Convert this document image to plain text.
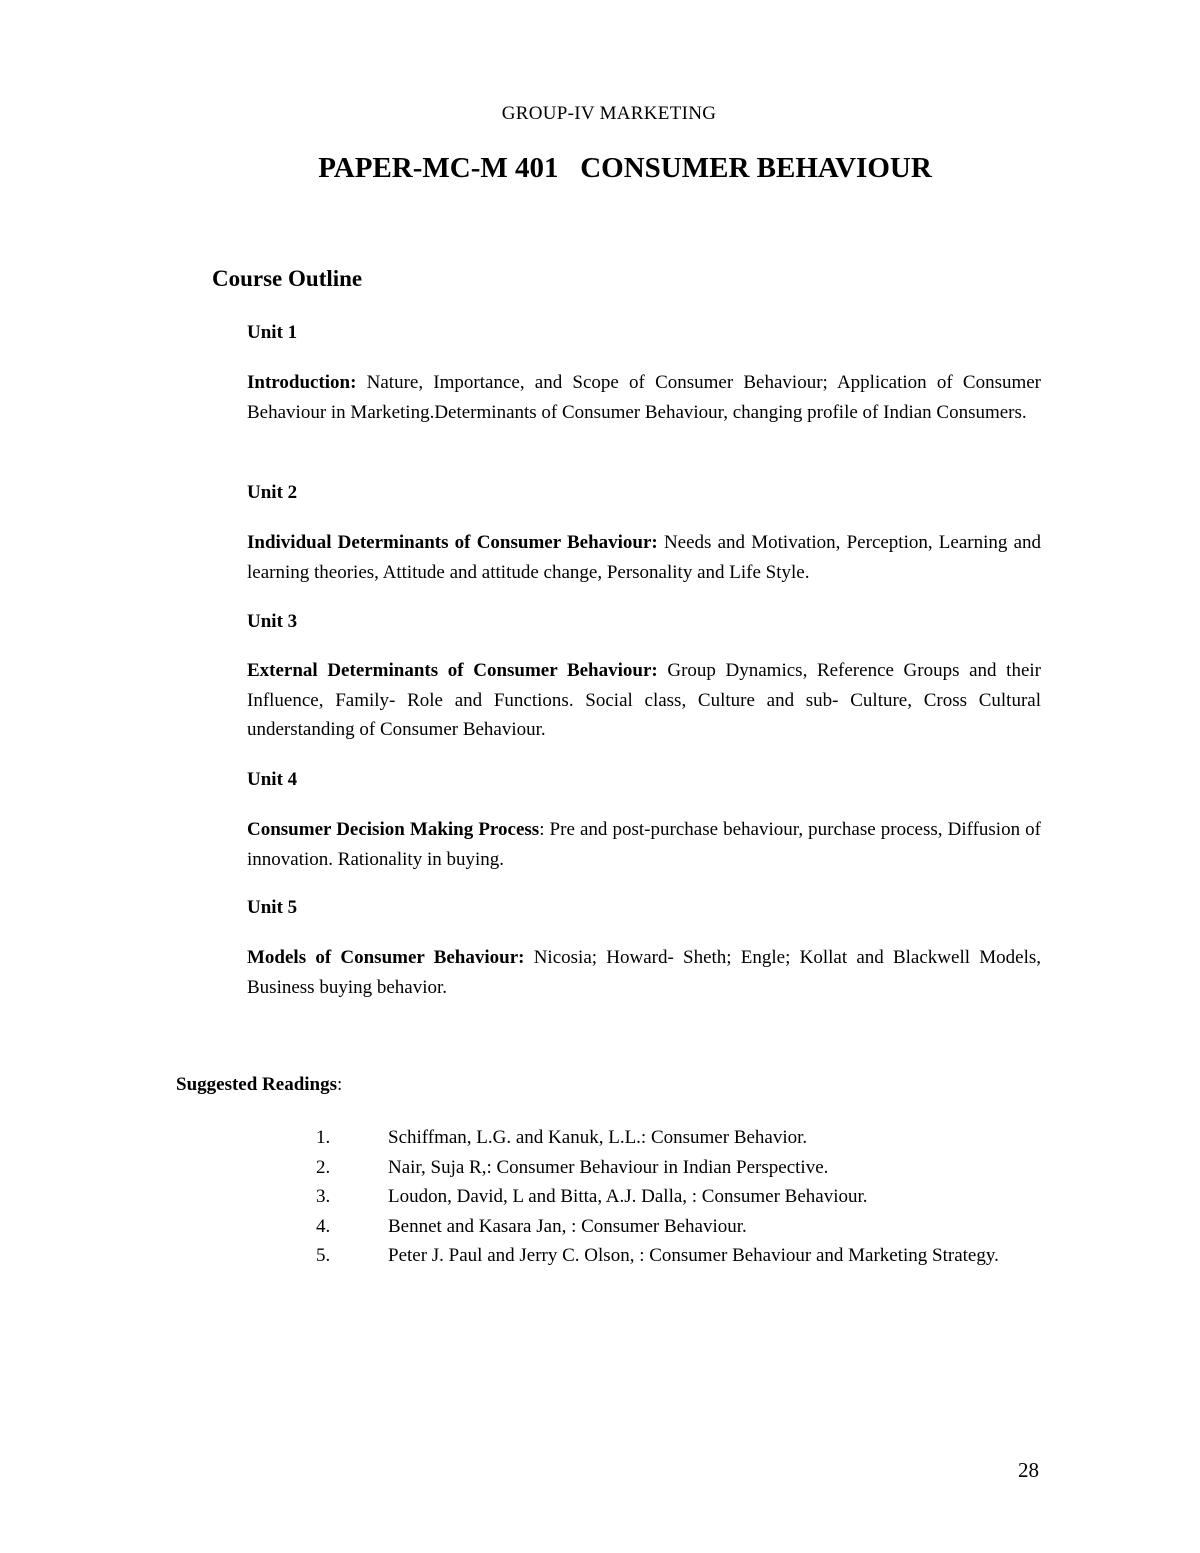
GROUP-IV MARKETING
PAPER-MC-M 401   CONSUMER BEHAVIOUR
Course Outline
Unit 1
Introduction: Nature, Importance, and Scope of Consumer Behaviour; Application of Consumer Behaviour in Marketing.Determinants of Consumer Behaviour, changing profile of Indian Consumers.
Unit 2
Individual Determinants of Consumer Behaviour: Needs and Motivation, Perception, Learning and learning theories, Attitude and attitude change, Personality and Life Style.
Unit 3
External Determinants of Consumer Behaviour: Group Dynamics, Reference Groups and their Influence, Family- Role and Functions. Social class, Culture and sub- Culture, Cross Cultural understanding of Consumer Behaviour.
Unit 4
Consumer Decision Making Process: Pre and post-purchase behaviour, purchase process, Diffusion of innovation. Rationality in buying.
Unit 5
Models of Consumer Behaviour: Nicosia; Howard- Sheth; Engle; Kollat and Blackwell Models, Business buying behavior.
Suggested Readings:
1.	Schiffman, L.G. and Kanuk, L.L.: Consumer Behavior.
2.	Nair, Suja R,: Consumer Behaviour in Indian Perspective.
3.	Loudon, David, L and Bitta, A.J. Dalla, : Consumer Behaviour.
4.	Bennet and Kasara Jan, : Consumer Behaviour.
5.	Peter J. Paul and Jerry C. Olson, : Consumer Behaviour and Marketing Strategy.
28
